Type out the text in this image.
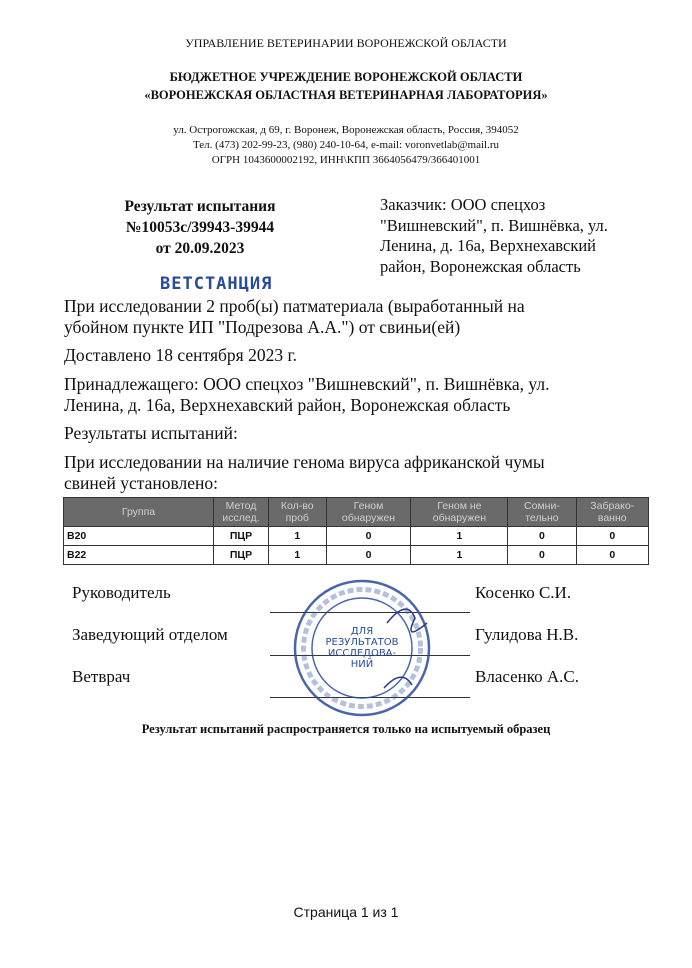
УПРАВЛЕНИЕ ВЕТЕРИНАРИИ ВОРОНЕЖСКОЙ ОБЛАСТИ
БЮДЖЕТНОЕ УЧРЕЖДЕНИЕ ВОРОНЕЖСКОЙ ОБЛАСТИ
«ВОРОНЕЖСКАЯ ОБЛАСТНАЯ ВЕТЕРИНАРНАЯ ЛАБОРАТОРИЯ»
ул. Острогожская, д 69, г. Воронеж, Воронежская область, Россия, 394052
Тел. (473) 202-99-23, (980) 240-10-64, e-mail: voronvetlab@mail.ru
ОГРН 1043600002192, ИНН\КПП 3664056479/366401001
Результат испытания
№10053с/39943-39944
от 20.09.2023
Заказчик: ООО спецхоз
"Вишневский", п. Вишнёвка, ул.
Ленина, д. 16а, Верхнехавский
район, Воронежская область
ВЕТСТАНЦИЯ
При исследовании 2 проб(ы) патматериала (выработанный на
убойном пункте ИП "Подрезова А.А.") от свиньи(ей)
Доставлено 18 сентября 2023 г.
Принадлежащего: ООО спецхоз "Вишневский", п. Вишнёвка, ул.
Ленина, д. 16а, Верхнехавский район, Воронежская область
Результаты испытаний:
При исследовании на наличие генома вируса африканской чумы
свиней установлено:
Группа	Метод исслед.	Кол-во проб	Геном обнаружен	Геном не обнаружен	Сомни-тельно	Забрако-ванно
B20	ПЦР	1	0	1	0	0
B22	ПЦР	1	0	1	0	0
Руководитель	Косенко С.И.
Заведующий отделом	Гулидова Н.В.
Ветврач	Власенко А.С.
ДЛЯ
РЕЗУЛЬТАТОВ
ИССЛЕДОВА-
НИЙ
Результат испытаний распространяется только на испытуемый образец
Страница 1 из 1
